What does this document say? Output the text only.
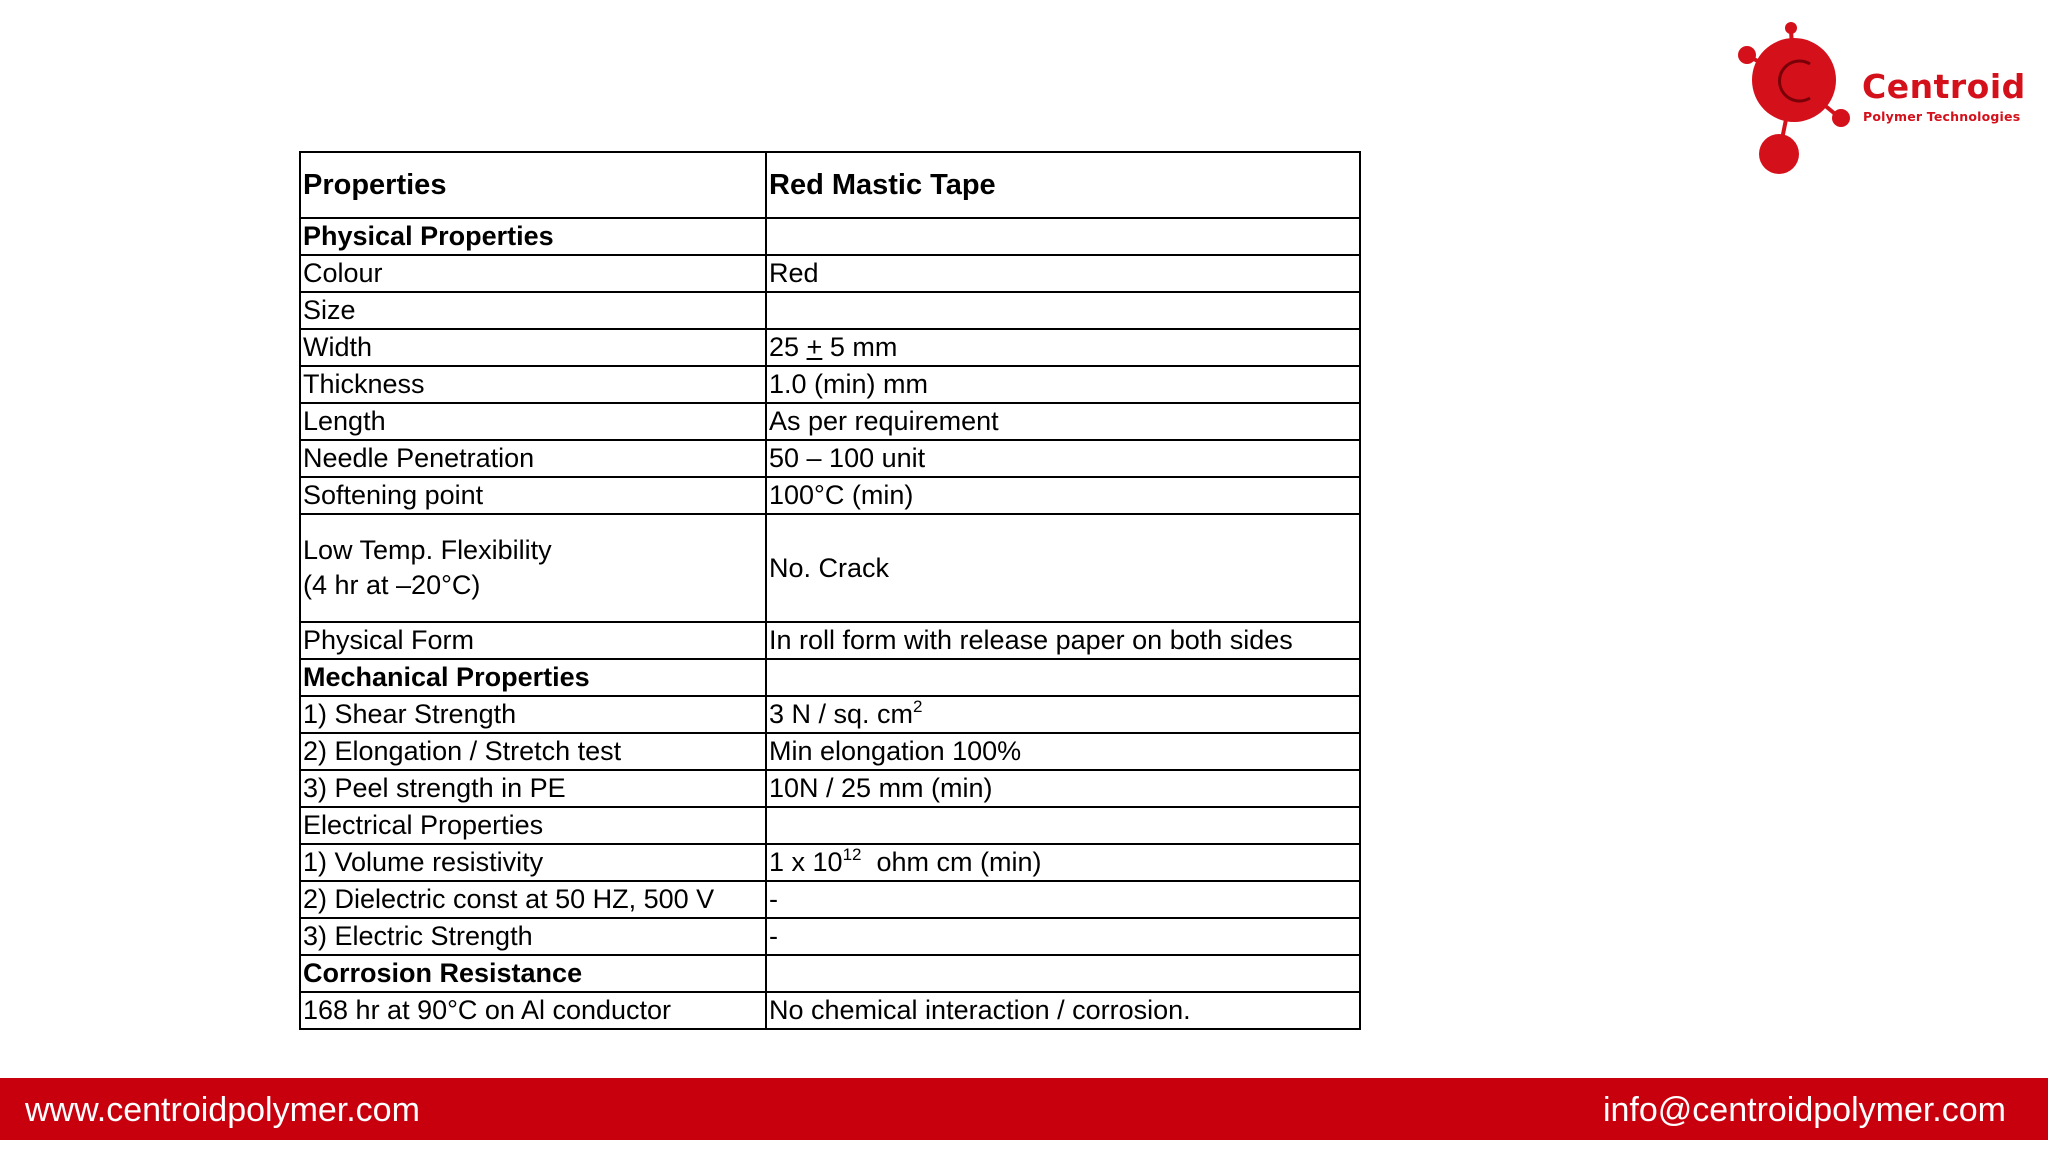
Centroid
Polymer Technologies
Properties	Red Mastic Tape
Physical Properties	
Colour	Red
Size	
Width	25 + 5 mm
Thickness	1.0 (min) mm
Length	As per requirement
Needle Penetration	50 – 100 unit
Softening point	100°C (min)

Low Temp. Flexibility
(4 hr at –20°C)	No. Crack
Physical Form	In roll form with release paper on both sides
Mechanical Properties	
1) Shear Strength	3 N / sq. $cm^2$
2) Elongation / Stretch test	Min elongation 100%
3) Peel strength in PE	10N / 25 mm (min)
Electrical Properties	
1) Volume resistivity	1 x $10^{12}$  ohm cm (min)
2) Dielectric const at 50 HZ, 500 V	-
3) Electric Strength	-
Corrosion Resistance	
168 hr at 90°C on Al conductor	No chemical interaction / corrosion.
www.centroidpolymer.com	info@centroidpolymer.com
